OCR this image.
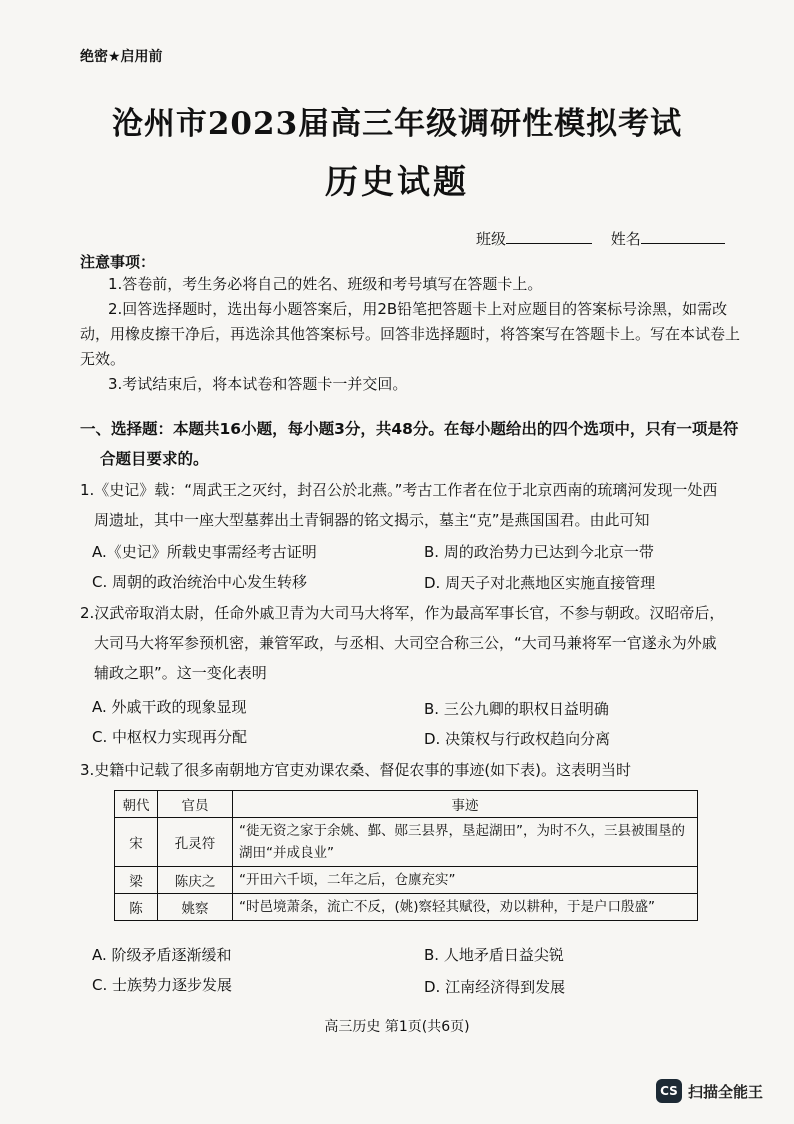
绝密★启用前
沧州市2023届高三年级调研性模拟考试
历史试题
班级	姓名
注意事项：
1.答卷前，考生务必将自己的姓名、班级和考号填写在答题卡上。
2.回答选择题时，选出每小题答案后，用2B铅笔把答题卡上对应题目的答案标号涂黑，如需改动，用橡皮擦干净后，再选涂其他答案标号。回答非选择题时，将答案写在答题卡上。写在本试卷上无效。
3.考试结束后，将本试卷和答题卡一并交回。
一、选择题：本题共16小题，每小题3分，共48分。在每小题给出的四个选项中，只有一项是符
合题目要求的。
1.《史记》载：“周武王之灭纣，封召公於北燕。”考古工作者在位于北京西南的琉璃河发现一处西
周遗址，其中一座大型墓葬出土青铜器的铭文揭示，墓主“克”是燕国国君。由此可知
A.《史记》所载史事需经考古证明	B. 周的政治势力已达到今北京一带
C. 周朝的政治统治中心发生转移	D. 周天子对北燕地区实施直接管理
2.汉武帝取消太尉，任命外戚卫青为大司马大将军，作为最高军事长官，不参与朝政。汉昭帝后，
大司马大将军参预机密，兼管军政，与丞相、大司空合称三公，“大司马兼将军一官遂永为外戚
辅政之职”。这一变化表明
A. 外戚干政的现象显现	B. 三公九卿的职权日益明确
C. 中枢权力实现再分配	D. 决策权与行政权趋向分离
3.史籍中记载了很多南朝地方官吏劝课农桑、督促农事的事迹(如下表)。这表明当时
朝代	官员	事迹
宋	孔灵符	“徙无资之家于余姚、鄞、郧三县界，垦起湖田”，为时不久，三县被围垦的湖田“并成良业”
梁	陈庆之	“开田六千顷，二年之后，仓廪充实”
陈	姚察	“时邑境萧条，流亡不反，(姚)察轻其赋役，劝以耕种，于是户口殷盛”
A. 阶级矛盾逐渐缓和	B. 人地矛盾日益尖锐
C. 士族势力逐步发展	D. 江南经济得到发展
高三历史 第1页(共6页)
CS 扫描全能王
